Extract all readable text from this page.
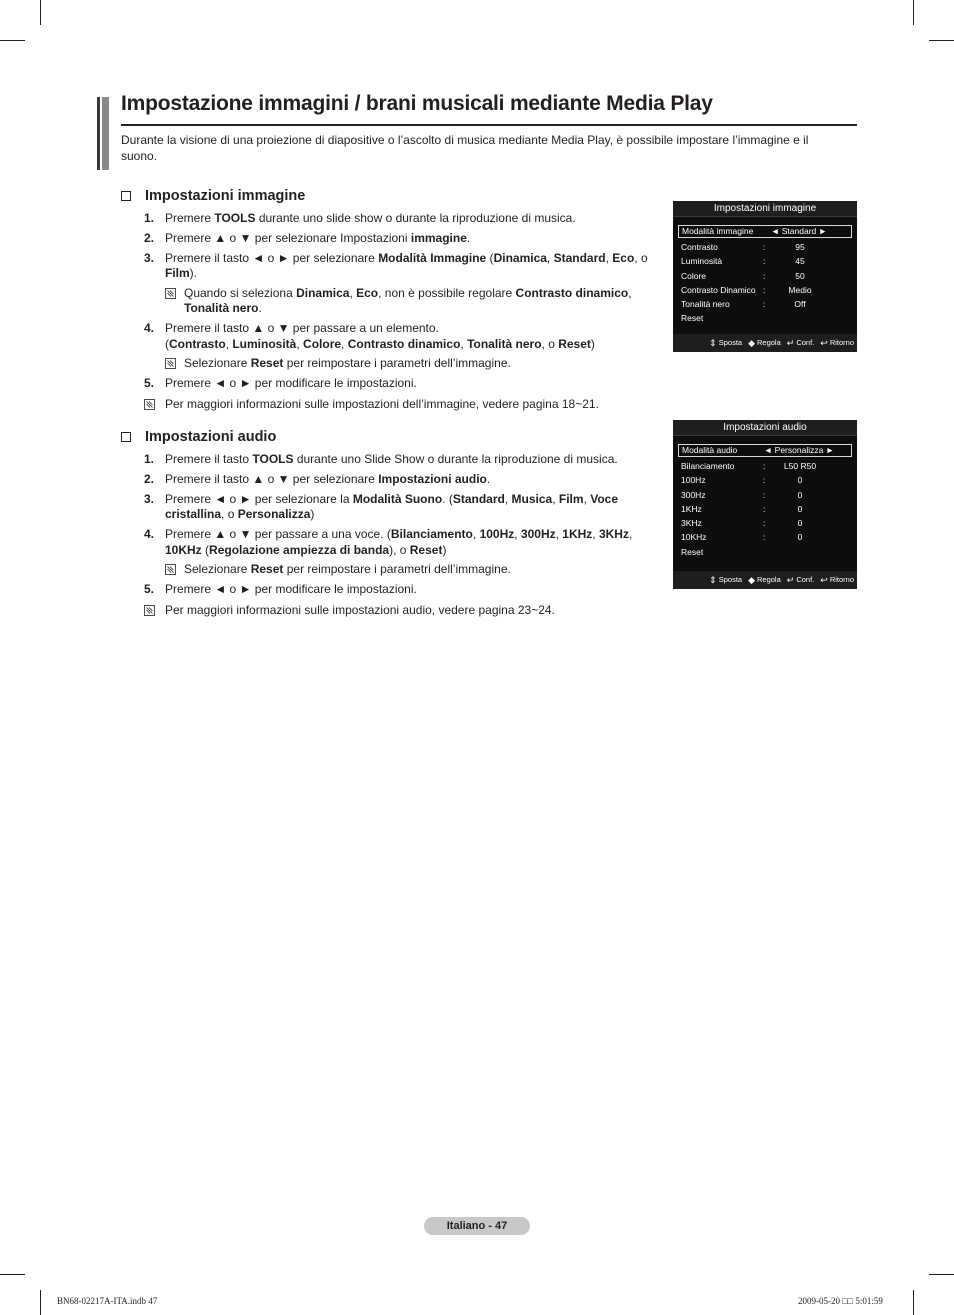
Impostazione immagini / brani musicali mediante Media Play

Durante la visione di una proiezione di diapositive o l’ascolto di musica mediante Media Play, è possibile impostare l’immagine e il suono.

Impostazioni immagine
1. Premere TOOLS durante uno slide show o durante la riproduzione di musica.
2. Premere ▲ o ▼ per selezionare Impostazioni immagine.
3. Premere il tasto ◄ o ► per selezionare Modalità Immagine (Dinamica, Standard, Eco, o Film).
Quando si seleziona Dinamica, Eco, non è possibile regolare Contrasto dinamico, Tonalità nero.
4. Premere il tasto ▲ o ▼ per passare a un elemento.
(Contrasto, Luminosità, Colore, Contrasto dinamico, Tonalità nero, o Reset)
Selezionare Reset per reimpostare i parametri dell’immagine.
5. Premere ◄ o ► per modificare le impostazioni.
Per maggiori informazioni sulle impostazioni dell’immagine, vedere pagina 18~21.
Impostazioni audio
1. Premere il tasto TOOLS durante uno Slide Show o durante la riproduzione di musica.
2. Premere il tasto ▲ o ▼ per selezionare Impostazioni audio.
3. Premere ◄ o ► per selezionare la Modalità Suono. (Standard, Musica, Film, Voce cristallina, o Personalizza)
4. Premere ▲ o ▼ per passare a una voce. (Bilanciamento, 100Hz, 300Hz, 1KHz, 3KHz, 10KHz (Regolazione ampiezza di banda), o Reset)
Selezionare Reset per reimpostare i parametri dell’immagine.
5. Premere ◄ o ► per modificare le impostazioni.
Per maggiori informazioni sulle impostazioni audio, vedere pagina 23~24.
Impostazioni immagine
Modalità immagine	◄ Standard ►
Contrasto	:	95
Luminosità	:	45
Colore	:	50
Contrasto Dinamico :	Medio
Tonalità nero	:	Off
Reset
⇕ Sposta ◆ Regola ↵ Conf. ↩ Ritorno
Impostazioni audio
Modalità audio	◄ Personalizza ►
Bilanciamento	:	L50 R50
100Hz	:	0
300Hz	:	0
1KHz	:	0
3KHz	:	0
10KHz	:	0
Reset
⇕ Sposta ◆ Regola ↵ Conf. ↩ Ritorno
Italiano - 47
BN68-02217A-ITA.indb 47	2009-05-20 □□ 5:01:59
